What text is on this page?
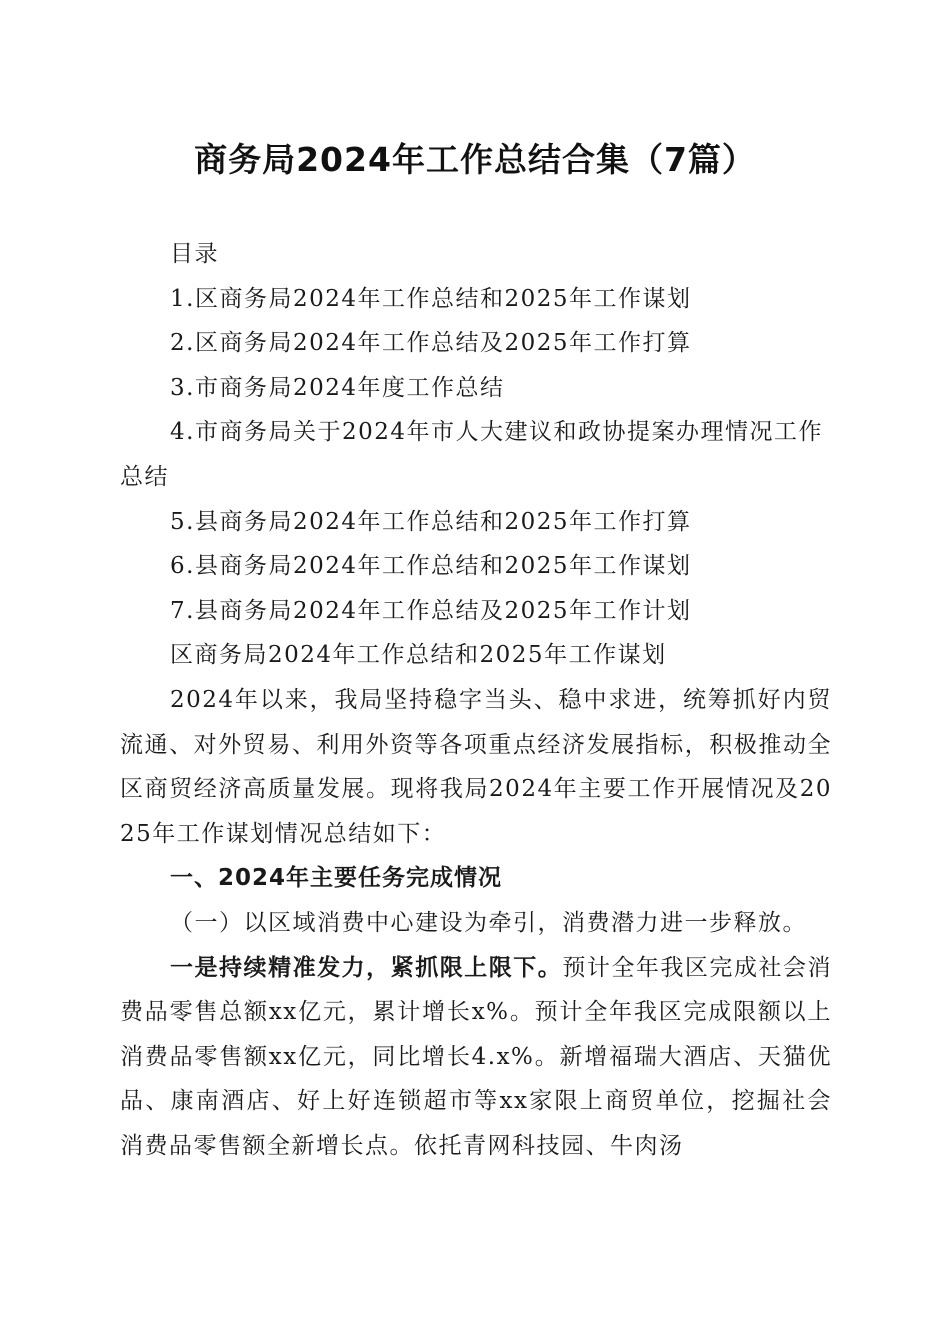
商务局2024年工作总结合集（7篇）

目录

1.区商务局2024年工作总结和2025年工作谋划

2.区商务局2024年工作总结及2025年工作打算

3.市商务局2024年度工作总结

4.市商务局关于2024年市人大建议和政协提案办理情况工作总结

5.县商务局2024年工作总结和2025年工作打算

6.县商务局2024年工作总结和2025年工作谋划

7.县商务局2024年工作总结及2025年工作计划

区商务局2024年工作总结和2025年工作谋划

2024年以来，我局坚持稳字当头、稳中求进，统筹抓好内贸流通、对外贸易、利用外资等各项重点经济发展指标，积极推动全区商贸经济高质量发展。现将我局2024年主要工作开展情况及2025年工作谋划情况总结如下：

一、2024年主要任务完成情况

（一）以区域消费中心建设为牵引，消费潜力进一步释放。

一是持续精准发力，紧抓限上限下。预计全年我区完成社会消费品零售总额xx亿元，累计增长x%。预计全年我区完成限额以上消费品零售额xx亿元，同比增长4.x%。新增福瑞大酒店、天猫优品、康南酒店、好上好连锁超市等xx家限上商贸单位，挖掘社会消费品零售额全新增长点。依托青网科技园、牛肉汤
